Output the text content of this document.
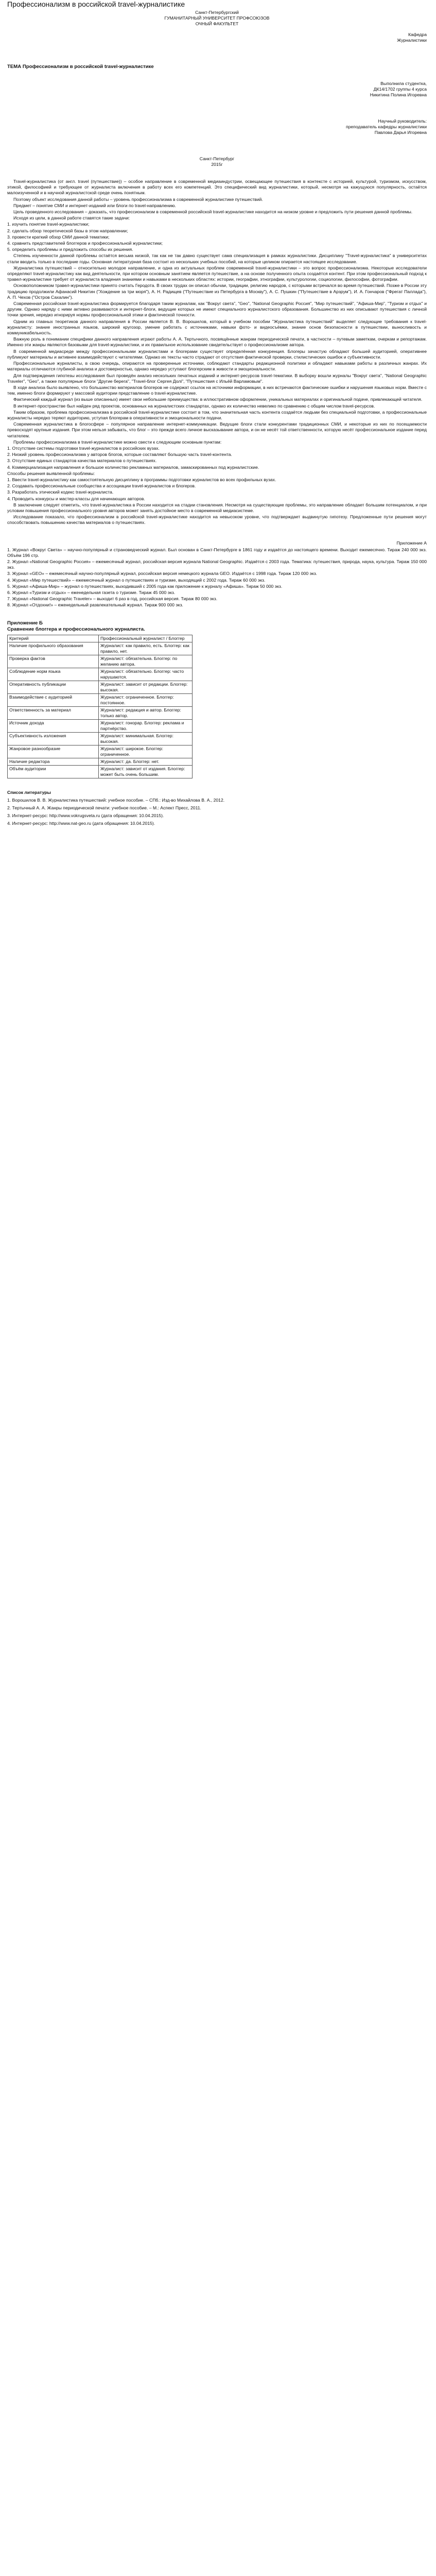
Профессионализм в российской travel-журналистике

Санкт-Петербургский

ГУМАНИТАРНЫЙ УНИВЕРСИТЕТ ПРОФСОЮЗОВ

ОЧНЫЙ ФАКУЛЬТЕТ

Кафедра

Журналистики

ТЕМА Профессионализм в российской travel-журналистике

Выполнила студентка,

ДК14/1702 группы 4 курса

Никитина Полина Игоревна

Научный руководитель:

преподаватель кафедры журналистики

Павлова Дарья Игоревна

Санкт-Петербург

2015г

Travel-журналистика (от англ. travel (путешествие)) – особое направление в современной медиаиндустрии, освещающее путешествия в контексте с историей, культурой, туризмом, искусством, этикой, философией и требующее от журналиста включения в работу всех его компетенций. Это специфический вид журналистики, который, несмотря на кажущуюся популярность, остаётся малоизученной и в научной журналистской среде очень понятным.

Поэтому объект исследования данной работы – уровень профессионализма в современной журналистике путешествий.

Предмет – понятие СМИ и интернет-изданий или блоги по travel-направлению.

Цель проведенного исследования – доказать, что профессионализм в современной российской travel-журналистике находится на низком уровне и предложить пути решения данной проблемы.

Исходя из цели, в данной работе ставятся такие задачи:

1. изучить понятие travel-журналистики;

2. сделать обзор теоретической базы в этом направлении;

3. провести краткий обзор СМИ данной тематики;

4. сравнить представителей блоггеров и профессиональной журналистики;

5. определить проблемы и предложить способы их решения.

Степень изученности данной проблемы остаётся весьма низкой, так как не так давно существует сама специализация в рамках журналистики. Дисциплину "Travel-журналистика" в университетах стали вводить только в последние годы. Основная литературная база состоит из нескольких учебных пособий, на которые целиком опирается настоящее исследование.

Журналистика путешествий – относительно молодое направление, и одна из актуальных проблем современной travel-журналистики – это вопрос профессионализма. Некоторые исследователи определяют travel-журналистику как вид деятельности, при котором основным занятием является путешествие, а на основе полученного опыта создаётся контент. При этом профессиональный подход к травел-журналистике требует от журналиста владения знаниями и навыками в нескольких областях: истории, географии, этнографии, культурологии, социологии, философии, фотографии.

Основоположником травел-журналистики принято считать Геродота. В своих трудах он описал обычаи, традиции, религию народов, с которыми встречался во время путешествий. Позже в России эту традицию продолжили Афанасий Никитин ("Хождение за три моря"), А. Н. Радищев ("Путешествие из Петербурга в Москву"), А. С. Пушкин ("Путешествие в Арзрум"), И. А. Гончаров ("Фрегат Паллада"), А. П. Чехов ("Остров Сахалин").

Современная российская travel-журналистика формируется благодаря таким журналам, как "Вокруг света", "Geo", "National Geographic Россия", "Мир путешествий", "Афиша-Мир", "Туризм и отдых" и другим. Однако наряду с ними активно развиваются и интернет-блоги, ведущие которых не имеют специального журналистского образования. Большинство из них описывают путешествия с личной точки зрения, нередко игнорируя нормы профессиональной этики и фактической точности.

Одним из главных теоретиков данного направления в России является В. В. Ворошилов, который в учебном пособии "Журналистика путешествий" выделяет следующие требования к travel-журналисту: знание иностранных языков, широкий кругозор, умение работать с источниками, навыки фото- и видеосъёмки, знание основ безопасности в путешествии, выносливость и коммуникабельность.

Важную роль в понимании специфики данного направления играют работы А. А. Тертычного, посвящённые жанрам периодической печати, в частности – путевым заметкам, очеркам и репортажам. Именно эти жанры являются базовыми для travel-журналистики, и их правильное использование свидетельствует о профессионализме автора.

В современной медиасреде между профессиональными журналистами и блогерами существует определённая конкуренция. Блогеры зачастую обладают большей аудиторией, оперативнее публикуют материалы и активнее взаимодействуют с читателями. Однако их тексты часто страдают от отсутствия фактической проверки, стилистических ошибок и субъективности.

Профессиональные журналисты, в свою очередь, опираются на проверенные источники, соблюдают стандарты редакционной политики и обладают навыками работы в различных жанрах. Их материалы отличаются глубиной анализа и достоверностью, однако нередко уступают блогерским в живости и эмоциональности.

Для подтверждения гипотезы исследования был проведён анализ нескольких печатных изданий и интернет-ресурсов travel-тематики. В выборку вошли журналы "Вокруг света", "National Geographic Traveler", "Geo", а также популярные блоги "Другие берега", "Travel-блог Сергея Долі", "Путешествия с Ильёй Варламовым".

В ходе анализа было выявлено, что большинство материалов блогеров не содержат ссылок на источники информации, в них встречаются фактические ошибки и нарушения языковых норм. Вместе с тем, именно блоги формируют у массовой аудитории представление о travel-журналистике.

Фактический каждый журнал (из выше описанных) имеет свои небольшие преимущества: в иллюстративном оформлении, уникальных материалах и оригинальной подаче, привлекающей читателя.

В интернет-пространстве был найден ряд проектов, основанных на журналистских стандартах, однако их количество невелико по сравнению с общим числом travel-ресурсов.

Таким образом, проблема профессионализма в российской travel-журналистике состоит в том, что значительная часть контента создаётся людьми без специальной подготовки, а профессиональные журналисты нередко теряют аудиторию, уступая блогерам в оперативности и эмоциональности подачи.

Современная журналистика в блогосфере – популярное направление интернет-коммуникации. Ведущие блоги стали конкурентами традиционных СМИ, и некоторые из них по посещаемости превосходят крупные издания. При этом нельзя забывать, что блог – это прежде всего личное высказывание автора, и он не несёт той ответственности, которую несёт профессиональное издание перед читателем.

Проблемы профессионализма в travel-журналистике можно свести к следующим основным пунктам:

1. Отсутствие системы подготовки travel-журналистов в российских вузах.

2. Низкий уровень профессионализма у авторов блогов, которые составляют большую часть travel-контента.

3. Отсутствие единых стандартов качества материалов о путешествиях.

4. Коммерциализация направления и большое количество рекламных материалов, замаскированных под журналистские.

Способы решения выявленной проблемы:

1. Ввести travel-журналистику как самостоятельную дисциплину в программы подготовки журналистов во всех профильных вузах.

2. Создавать профессиональные сообщества и ассоциации travel-журналистов и блогеров.

3. Разработать этический кодекс travel-журналиста.

4. Проводить конкурсы и мастер-классы для начинающих авторов.

В заключение следует отметить, что travel-журналистика в России находится на стадии становления. Несмотря на существующие проблемы, это направление обладает большим потенциалом, и при условии повышения профессионального уровня авторов может занять достойное место в современной медиасистеме.

Исследование показало, что профессионализм в российской travel-журналистике находится на невысоком уровне, что подтверждает выдвинутую гипотезу. Предложенные пути решения могут способствовать повышению качества материалов о путешествиях.

Приложение А

1. Журнал «Вокруг Света» – научно-популярный и страноведческий журнал. Был основан в Санкт-Петербурге в 1861 году и издаётся до настоящего времени. Выходит ежемесячно. Тираж 240 000 экз. Объём 196 стр.

2. Журнал «National Geographic Россия» – ежемесячный журнал, российская версия журнала National Geographic. Издаётся с 2003 года. Тематика: путешествия, природа, наука, культура. Тираж 150 000 экз.

3. Журнал «GEO» – ежемесячный научно-популярный журнал, российская версия немецкого журнала GEO. Издаётся с 1998 года. Тираж 120 000 экз.

4. Журнал «Мир путешествий» – ежемесячный журнал о путешествиях и туризме, выходящий с 2002 года. Тираж 60 000 экз.

5. Журнал «Афиша-Мир» – журнал о путешествиях, выходивший с 2005 года как приложение к журналу «Афиша». Тираж 50 000 экз.

6. Журнал «Туризм и отдых» – еженедельная газета о туризме. Тираж 45 000 экз.

7. Журнал «National Geographic Traveler» – выходит 6 раз в год, российская версия. Тираж 80 000 экз.

8. Журнал «Отдохни!» – еженедельный развлекательный журнал. Тираж 900 000 экз.

Приложение Б

Сравнение блоггера и профессионального журналиста.

Критерий	Профессиональный журналист / Блоггер
Наличие профильного образования	Журналист: как правило, есть. Блоггер: как правило, нет.
Проверка фактов	Журналист: обязательна. Блоггер: по желанию автора.
Соблюдение норм языка	Журналист: обязательно. Блоггер: часто нарушаются.
Оперативность публикации	Журналист: зависит от редакции. Блоггер: высокая.
Взаимодействие с аудиторией	Журналист: ограниченное. Блоггер: постоянное.
Ответственность за материал	Журналист: редакция и автор. Блоггер: только автор.
Источник дохода	Журналист: гонорар. Блоггер: реклама и партнёрство.
Субъективность изложения	Журналист: минимальная. Блоггер: высокая.
Жанровое разнообразие	Журналист: широкое. Блоггер: ограниченное.
Наличие редактора	Журналист: да. Блоггер: нет.
Объём аудитории	Журналист: зависит от издания. Блоггер: может быть очень большим.

Список литературы

1. Ворошилов В. В. Журналистика путешествий: учебное пособие. – СПб.: Изд-во Михайлова В. А., 2012.

2. Тертычный А. А. Жанры периодической печати: учебное пособие. – М.: Аспект Пресс, 2011.

3. Интернет-ресурс: http://www.vokrugsveta.ru (дата обращения: 10.04.2015).

4. Интернет-ресурс: http://www.nat-geo.ru (дата обращения: 10.04.2015).
